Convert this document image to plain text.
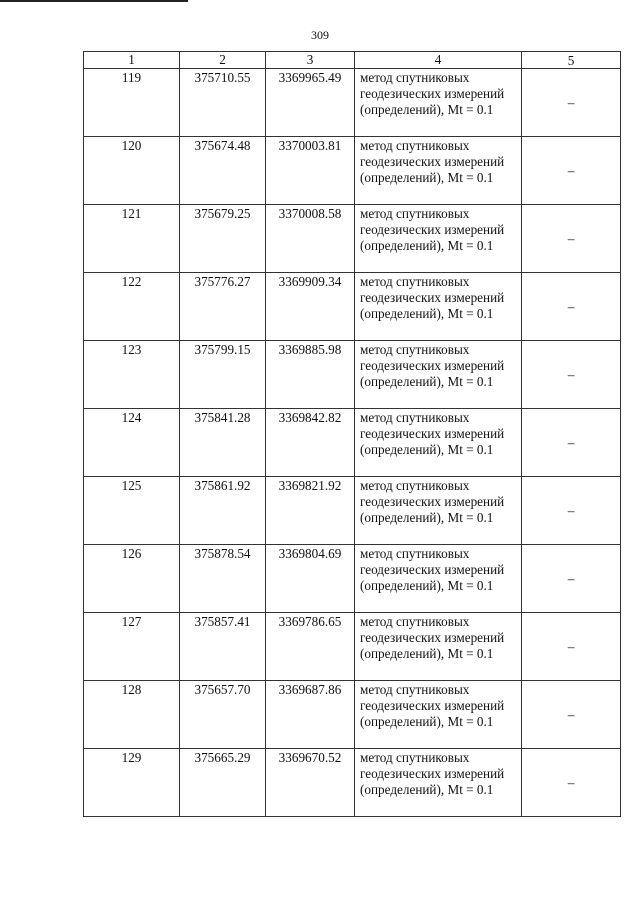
309
1	2	3	4	5

119	375710.55	3369965.49	метод спутниковых геодезических измерений (определений), Mt = 0.1	–

120	375674.48	3370003.81	метод спутниковых геодезических измерений (определений), Mt = 0.1	–

121	375679.25	3370008.58	метод спутниковых геодезических измерений (определений), Mt = 0.1	–

122	375776.27	3369909.34	метод спутниковых геодезических измерений (определений), Mt = 0.1	–

123	375799.15	3369885.98	метод спутниковых геодезических измерений (определений), Mt = 0.1	–

124	375841.28	3369842.82	метод спутниковых геодезических измерений (определений), Mt = 0.1	–

125	375861.92	3369821.92	метод спутниковых геодезических измерений (определений), Mt = 0.1	–

126	375878.54	3369804.69	метод спутниковых геодезических измерений (определений), Mt = 0.1	–

127	375857.41	3369786.65	метод спутниковых геодезических измерений (определений), Mt = 0.1	–

128	375657.70	3369687.86	метод спутниковых геодезических измерений (определений), Mt = 0.1	–

129	375665.29	3369670.52	метод спутниковых геодезических измерений (определений), Mt = 0.1	–
